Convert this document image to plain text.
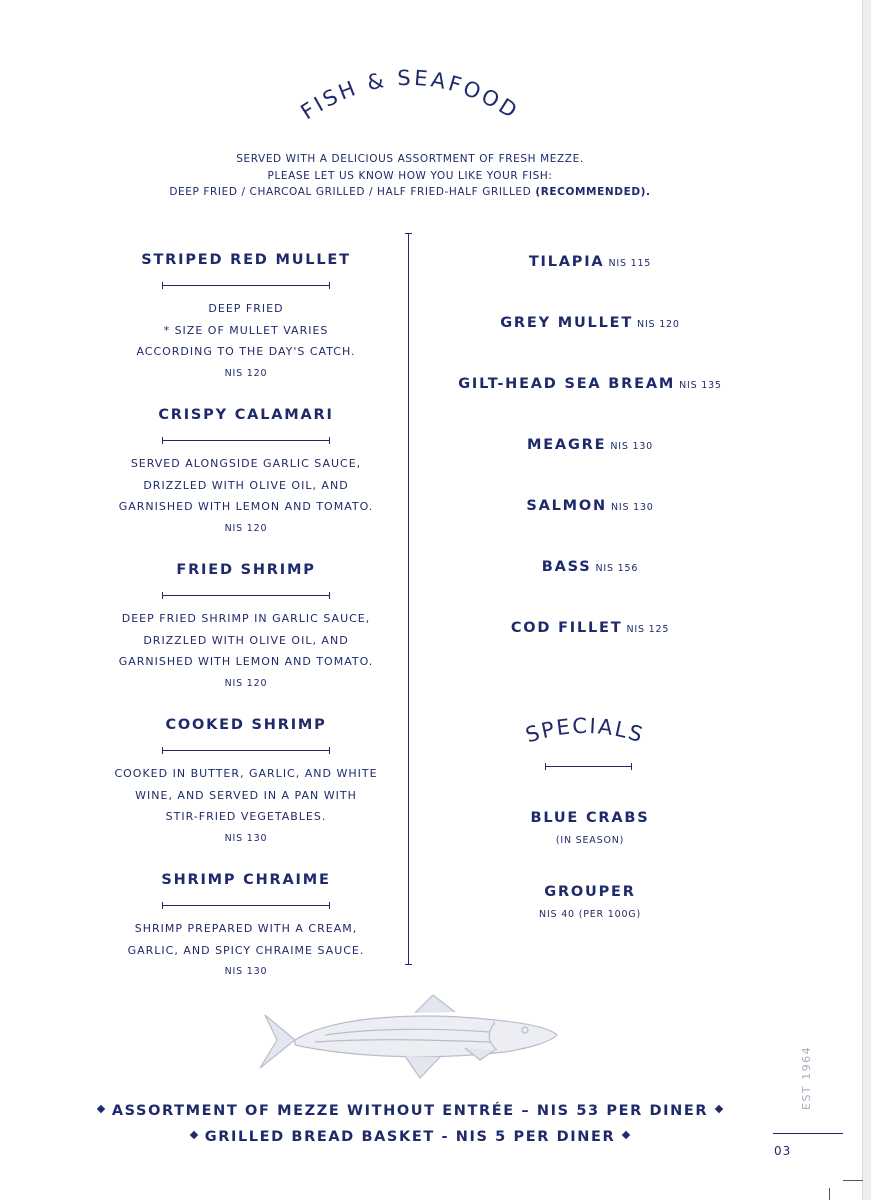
FISH & SEAFOOD
SERVED WITH A DELICIOUS ASSORTMENT OF FRESH MEZZE.
PLEASE LET US KNOW HOW YOU LIKE YOUR FISH:
DEEP FRIED / CHARCOAL GRILLED / HALF FRIED-HALF GRILLED (RECOMMENDED).
STRIPED RED MULLET
DEEP FRIED
* SIZE OF MULLET VARIES
ACCORDING TO THE DAY'S CATCH.
NIS 120
CRISPY CALAMARI
SERVED ALONGSIDE GARLIC SAUCE,
DRIZZLED WITH OLIVE OIL, AND
GARNISHED WITH LEMON AND TOMATO.
NIS 120
FRIED SHRIMP
DEEP FRIED SHRIMP IN GARLIC SAUCE,
DRIZZLED WITH OLIVE OIL, AND
GARNISHED WITH LEMON AND TOMATO.
NIS 120
COOKED SHRIMP
COOKED IN BUTTER, GARLIC, AND WHITE
WINE, AND SERVED IN A PAN WITH
STIR-FRIED VEGETABLES.
NIS 130
SHRIMP CHRAIME
SHRIMP PREPARED WITH A CREAM,
GARLIC, AND SPICY CHRAIME SAUCE.
NIS 130
TILAPIA NIS 115
GREY MULLET NIS 120
GILT-HEAD SEA BREAM NIS 135
MEAGRE NIS 130
SALMON NIS 130
BASS NIS 156
COD FILLET NIS 125
SPECIALS
BLUE CRABS
(IN SEASON)
GROUPER
NIS 40 (PER 100G)
ASSORTMENT OF MEZZE WITHOUT ENTRÉE – NIS 53 PER DINER
GRILLED BREAD BASKET - NIS 5 PER DINER
EST 1964
03
